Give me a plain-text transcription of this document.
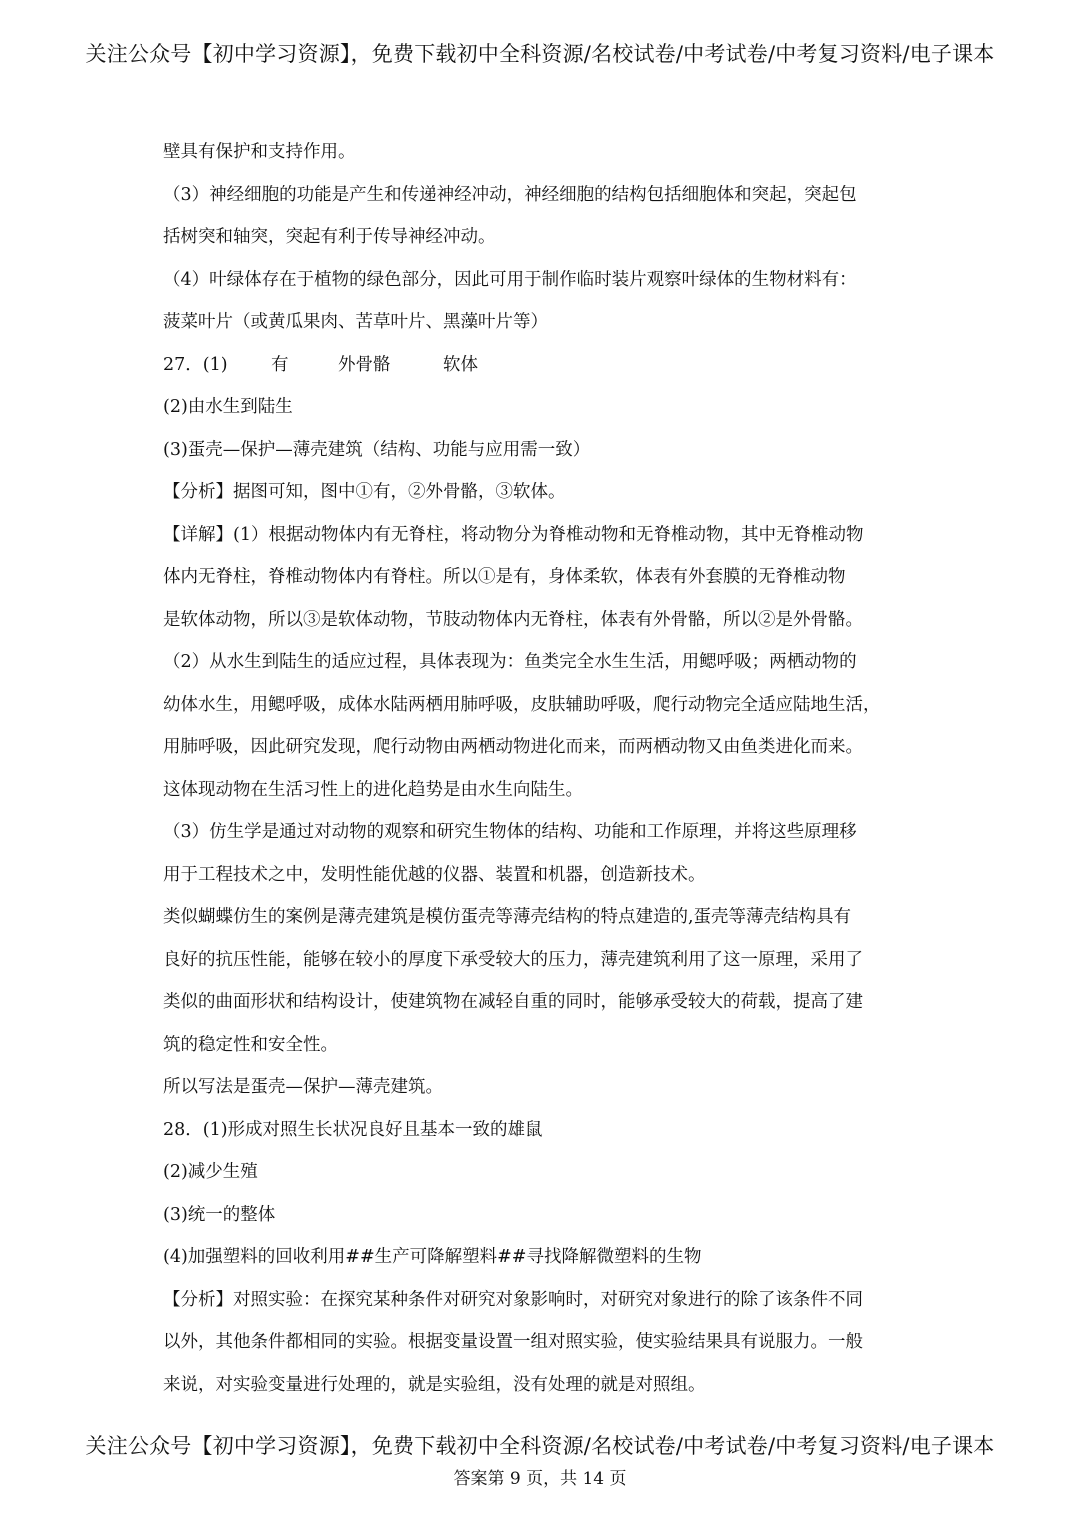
关注公众号【初中学习资源】，免费下载初中全科资源/名校试卷/中考试卷/中考复习资料/电子课本
壁具有保护和支持作用。
（3）神经细胞的功能是产生和传递神经冲动，神经细胞的结构包括细胞体和突起，突起包
括树突和轴突，突起有利于传导神经冲动。
（4）叶绿体存在于植物的绿色部分，因此可用于制作临时装片观察叶绿体的生物材料有：
菠菜叶片（或黄瓜果肉、苦草叶片、黑藻叶片等）
27．(1) 有	外骨骼	软体
(2)由水生到陆生
(3)蛋壳—保护—薄壳建筑（结构、功能与应用需一致）
【分析】据图可知，图中①有，②外骨骼，③软体。
【详解】(1）根据动物体内有无脊柱，将动物分为脊椎动物和无脊椎动物，其中无脊椎动物
体内无脊柱，脊椎动物体内有脊柱。所以①是有，身体柔软，体表有外套膜的无脊椎动物
是软体动物，所以③是软体动物，节肢动物体内无脊柱，体表有外骨骼，所以②是外骨骼。
（2）从水生到陆生的适应过程，具体表现为：鱼类完全水生生活，用鳃呼吸；两栖动物的
幼体水生，用鳃呼吸，成体水陆两栖用肺呼吸，皮肤辅助呼吸，爬行动物完全适应陆地生活，
用肺呼吸，因此研究发现，爬行动物由两栖动物进化而来，而两栖动物又由鱼类进化而来。
这体现动物在生活习性上的进化趋势是由水生向陆生。
（3）仿生学是通过对动物的观察和研究生物体的结构、功能和工作原理，并将这些原理移
用于工程技术之中，发明性能优越的仪器、装置和机器，创造新技术。
类似蝴蝶仿生的案例是薄壳建筑是模仿蛋壳等薄壳结构的特点建造的,蛋壳等薄壳结构具有
良好的抗压性能，能够在较小的厚度下承受较大的压力，薄壳建筑利用了这一原理，采用了
类似的曲面形状和结构设计，使建筑物在减轻自重的同时，能够承受较大的荷载，提高了建
筑的稳定性和安全性。
所以写法是蛋壳—保护—薄壳建筑。
28．(1)形成对照生长状况良好且基本一致的雄鼠
(2)减少生殖
(3)统一的整体
(4)加强塑料的回收利用##生产可降解塑料##寻找降解微塑料的生物
【分析】对照实验：在探究某种条件对研究对象影响时，对研究对象进行的除了该条件不同
以外，其他条件都相同的实验。根据变量设置一组对照实验，使实验结果具有说服力。一般
来说，对实验变量进行处理的，就是实验组，没有处理的就是对照组。
关注公众号【初中学习资源】，免费下载初中全科资源/名校试卷/中考试卷/中考复习资料/电子课本
答案第 9 页，共 14 页
